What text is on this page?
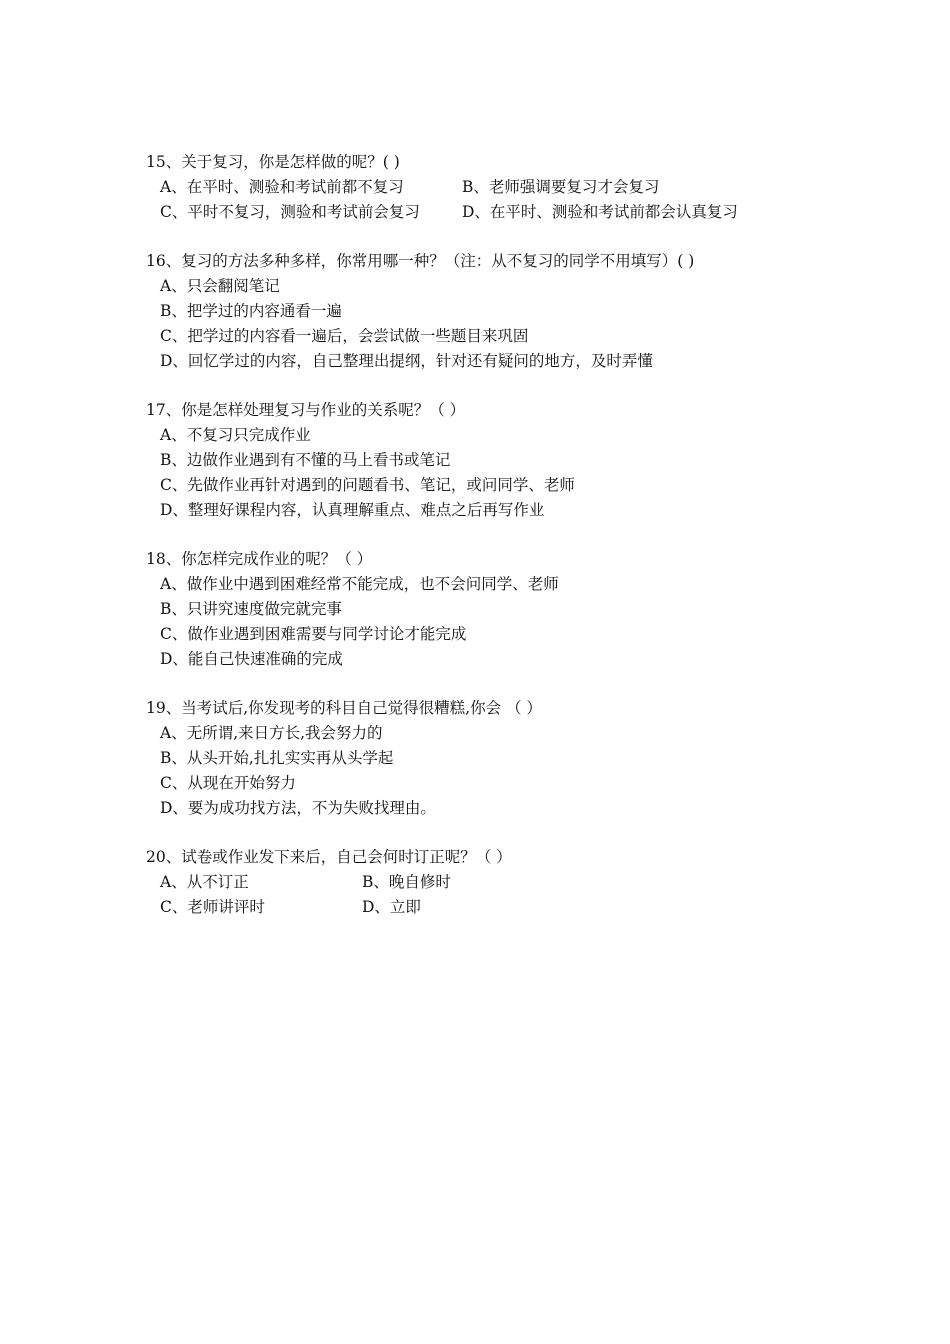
15、关于复习，你是怎样做的呢？( )
A、在平时、测验和考试前都不复习	B、老师强调要复习才会复习
C、平时不复习，测验和考试前会复习	D、在平时、测验和考试前都会认真复习
16、复习的方法多种多样，你常用哪一种？（注：从不复习的同学不用填写）( )
A、只会翻阅笔记
B、把学过的内容通看一遍
C、把学过的内容看一遍后，会尝试做一些题目来巩固
D、回忆学过的内容，自己整理出提纲，针对还有疑问的地方，及时弄懂
17、你是怎样处理复习与作业的关系呢？（ ）
A、不复习只完成作业
B、边做作业遇到有不懂的马上看书或笔记
C、先做作业再针对遇到的问题看书、笔记，或问同学、老师
D、整理好课程内容，认真理解重点、难点之后再写作业
18、你怎样完成作业的呢？（ ）
A、做作业中遇到困难经常不能完成，也不会问同学、老师
B、只讲究速度做完就完事
C、做作业遇到困难需要与同学讨论才能完成
D、能自己快速准确的完成
19、当考试后,你发现考的科目自己觉得很糟糕,你会 （ ）
A、无所谓,来日方长,我会努力的
B、从头开始,扎扎实实再从头学起
C、从现在开始努力
D、要为成功找方法，不为失败找理由。
20、试卷或作业发下来后，自己会何时订正呢？（ ）
A、从不订正	B、晚自修时
C、老师讲评时	D、立即
